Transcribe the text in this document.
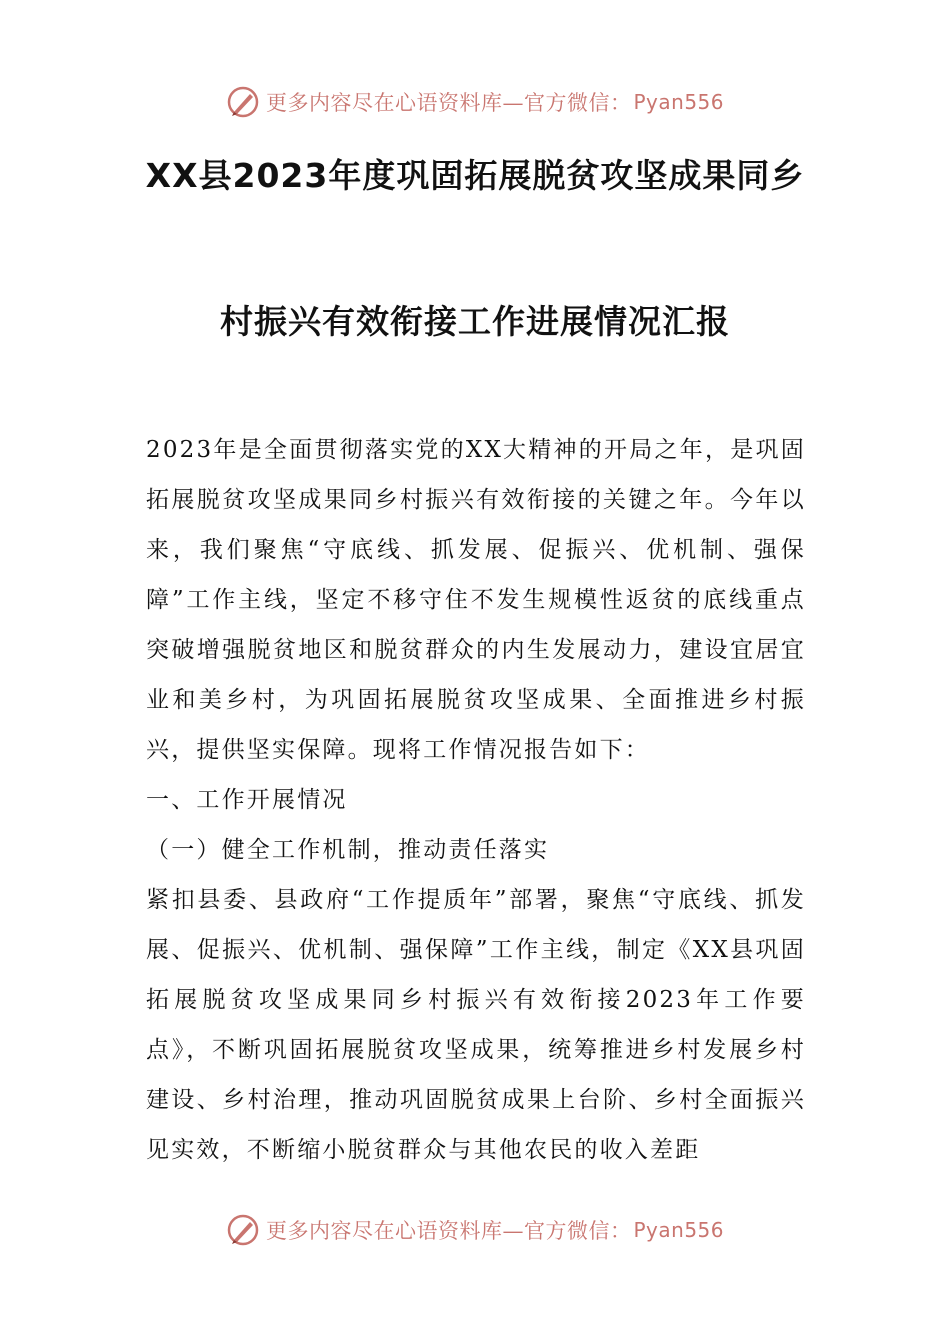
更多内容尽在心语资料库—官方微信： Pyan556
XX县2023年度巩固拓展脱贫攻坚成果同乡
村振兴有效衔接工作进展情况汇报

2023年是全面贯彻落实党的XX大精神的开局之年，是巩固拓展脱贫攻坚成果同乡村振兴有效衔接的关键之年。今年以来，我们聚焦“守底线、抓发展、促振兴、优机制、强保障”工作主线，坚定不移守住不发生规模性返贫的底线重点突破增强脱贫地区和脱贫群众的内生发展动力，建设宜居宜业和美乡村，为巩固拓展脱贫攻坚成果、全面推进乡村振兴，提供坚实保障。现将工作情况报告如下：

一、工作开展情况

（一）健全工作机制，推动责任落实

紧扣县委、县政府“工作提质年”部署，聚焦“守底线、抓发展、促振兴、优机制、强保障”工作主线，制定《XX县巩固拓展脱贫攻坚成果同乡村振兴有效衔接2023年工作要点》，不断巩固拓展脱贫攻坚成果，统筹推进乡村发展乡村建设、乡村治理，推动巩固脱贫成果上台阶、乡村全面振兴见实效，不断缩小脱贫群众与其他农民的收入差距

更多内容尽在心语资料库—官方微信： Pyan556
